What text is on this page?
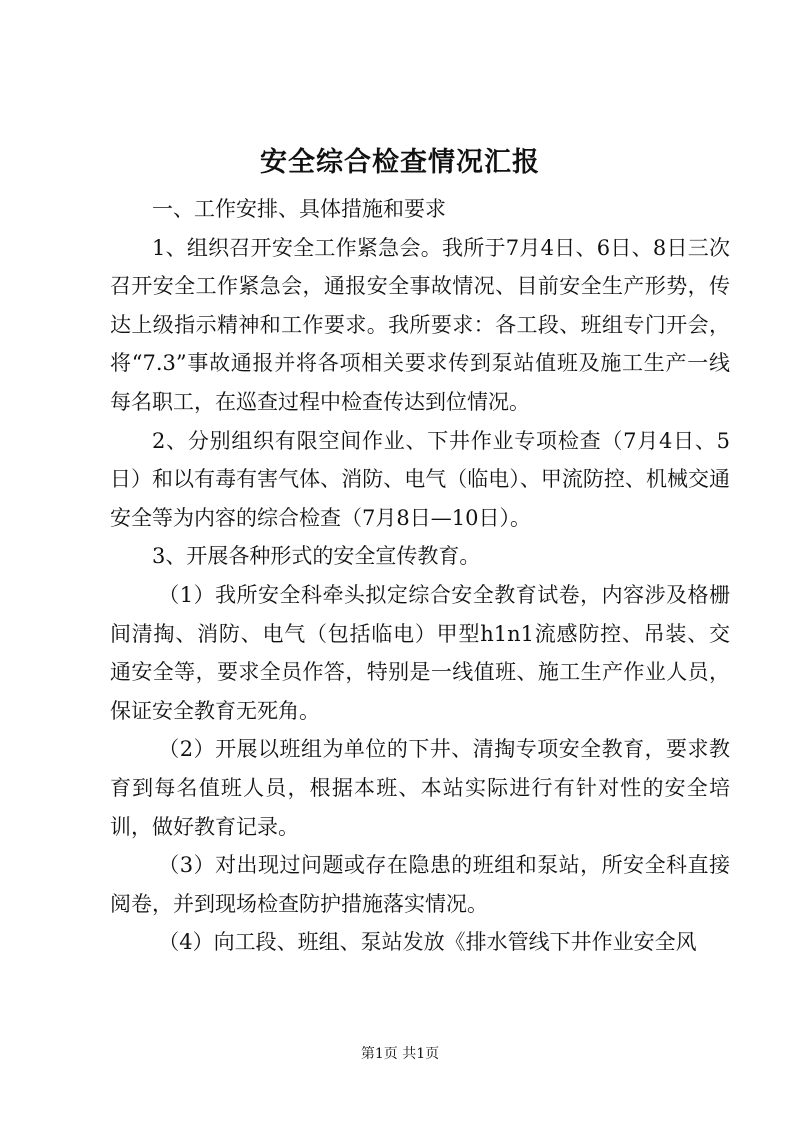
安全综合检查情况汇报

一、工作安排、具体措施和要求

1、组织召开安全工作紧急会。我所于7月4日、6日、8日三次召开安全工作紧急会，通报安全事故情况、目前安全生产形势，传达上级指示精神和工作要求。我所要求：各工段、班组专门开会，将“7.3”事故通报并将各项相关要求传到泵站值班及施工生产一线每名职工，在巡查过程中检查传达到位情况。

2、分别组织有限空间作业、下井作业专项检查（7月4日、5日）和以有毒有害气体、消防、电气（临电）、甲流防控、机械交通安全等为内容的综合检查（7月8日—10日）。

3、开展各种形式的安全宣传教育。

（1）我所安全科牵头拟定综合安全教育试卷，内容涉及格栅间清掏、消防、电气（包括临电）甲型h1n1流感防控、吊装、交通安全等，要求全员作答，特别是一线值班、施工生产作业人员，保证安全教育无死角。

（2）开展以班组为单位的下井、清掏专项安全教育，要求教育到每名值班人员，根据本班、本站实际进行有针对性的安全培训，做好教育记录。

（3）对出现过问题或存在隐患的班组和泵站，所安全科直接阅卷，并到现场检查防护措施落实情况。

（4）向工段、班组、泵站发放《排水管线下井作业安全风

第1页 共1页
